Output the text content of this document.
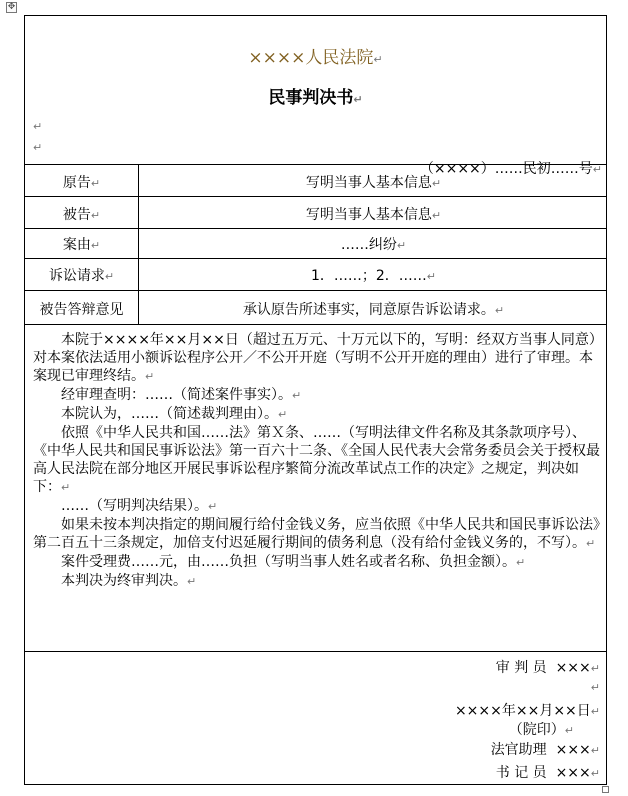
✥
××××人民法院↵
民事判决书↵
↵
↵
（××××）……民初……号↵
原告↵	写明当事人基本信息↵
被告↵	写明当事人基本信息↵
案由↵	……纠纷↵
诉讼请求↵	1．……；2．……↵
被告答辩意见	承认原告所述事实，同意原告诉讼请求。↵

本院于××××年××月××日（超过五万元、十万元以下的，写明：经双方当事人同意）对本案依法适用小额诉讼程序公开／不公开开庭（写明不公开开庭的理由）进行了审理。本案现已审理终结。↵

经审理查明：……（简述案件事实）。↵

本院认为，……（简述裁判理由）。↵

依照《中华人民共和国……法》第Ｘ条、……（写明法律文件名称及其条款项序号）、《中华人民共和国民事诉讼法》第一百六十二条、《全国人民代表大会常务委员会关于授权最高人民法院在部分地区开展民事诉讼程序繁简分流改革试点工作的决定》之规定，判决如下：↵

……（写明判决结果）。↵

如果未按本判决指定的期间履行给付金钱义务，应当依照《中华人民共和国民事诉讼法》第二百五十三条规定，加倍支付迟延履行期间的债务利息（没有给付金钱义务的，不写）。↵

案件受理费……元，由……负担（写明当事人姓名或者名称、负担金额）。↵

本判决为终审判决。↵

审 判 员  ×××↵
↵
××××年××月××日↵
（院印）↵
法官助理  ×××↵
书 记 员  ×××↵
